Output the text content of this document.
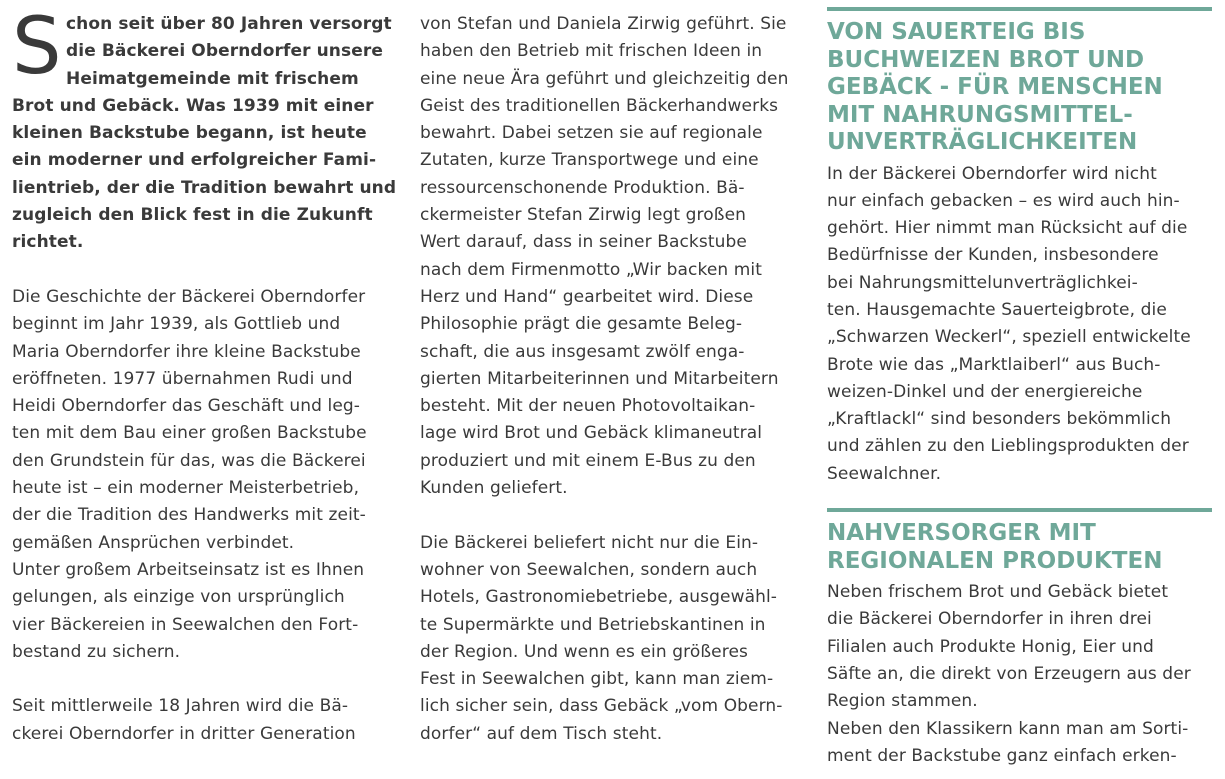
S chon seit über 80 Jahren versorgt
die Bäckerei Oberndorfer unsere
Heimatgemeinde mit frischem
Brot und Gebäck. Was 1939 mit einer
kleinen Backstube begann, ist heute
ein moderner und erfolgreicher Fami-
lientrieb, der die Tradition bewahrt und
zugleich den Blick fest in die Zukunft
richtet.
Die Geschichte der Bäckerei Oberndorfer
beginnt im Jahr 1939, als Gottlieb und
Maria Oberndorfer ihre kleine Backstube
eröffneten. 1977 übernahmen Rudi und
Heidi Oberndorfer das Geschäft und leg-
ten mit dem Bau einer großen Backstube
den Grundstein für das, was die Bäckerei
heute ist – ein moderner Meisterbetrieb,
der die Tradition des Handwerks mit zeit-
gemäßen Ansprüchen verbindet.
Unter großem Arbeitseinsatz ist es Ihnen
gelungen, als einzige von ursprünglich
vier Bäckereien in Seewalchen den Fort-
bestand zu sichern.
Seit mittlerweile 18 Jahren wird die Bä-
ckerei Oberndorfer in dritter Generation
von Stefan und Daniela Zirwig geführt. Sie
haben den Betrieb mit frischen Ideen in
eine neue Ära geführt und gleichzeitig den
Geist des traditionellen Bäckerhandwerks
bewahrt. Dabei setzen sie auf regionale
Zutaten, kurze Transportwege und eine
ressourcenschonende Produktion. Bä-
ckermeister Stefan Zirwig legt großen
Wert darauf, dass in seiner Backstube
nach dem Firmenmotto „Wir backen mit
Herz und Hand“ gearbeitet wird. Diese
Philosophie prägt die gesamte Beleg-
schaft, die aus insgesamt zwölf enga-
gierten Mitarbeiterinnen und Mitarbeitern
besteht. Mit der neuen Photovoltaikan-
lage wird Brot und Gebäck klimaneutral
produziert und mit einem E-Bus zu den
Kunden geliefert.
Die Bäckerei beliefert nicht nur die Ein-
wohner von Seewalchen, sondern auch
Hotels, Gastronomiebetriebe, ausgewähl-
te Supermärkte und Betriebskantinen in
der Region. Und wenn es ein größeres
Fest in Seewalchen gibt, kann man ziem-
lich sicher sein, dass Gebäck „vom Obern-
dorfer“ auf dem Tisch steht.
VON SAUERTEIG BIS
BUCHWEIZEN BROT UND
GEBÄCK - FÜR MENSCHEN
MIT NAHRUNGSMITTEL-
UNVERTRÄGLICHKEITEN
In der Bäckerei Oberndorfer wird nicht
nur einfach gebacken – es wird auch hin-
gehört. Hier nimmt man Rücksicht auf die
Bedürfnisse der Kunden, insbesondere
bei Nahrungsmittelunverträglichkei-
ten. Hausgemachte Sauerteigbrote, die
„Schwarzen Weckerl“, speziell entwickelte
Brote wie das „Marktlaiberl“ aus Buch-
weizen-Dinkel und der energiereiche
„Kraftlackl“ sind besonders bekömmlich
und zählen zu den Lieblingsprodukten der
Seewalchner.
NAHVERSORGER MIT
REGIONALEN PRODUKTEN
Neben frischem Brot und Gebäck bietet
die Bäckerei Oberndorfer in ihren drei
Filialen auch Produkte Honig, Eier und
Säfte an, die direkt von Erzeugern aus der
Region stammen.
Neben den Klassikern kann man am Sorti-
ment der Backstube ganz einfach erken-
